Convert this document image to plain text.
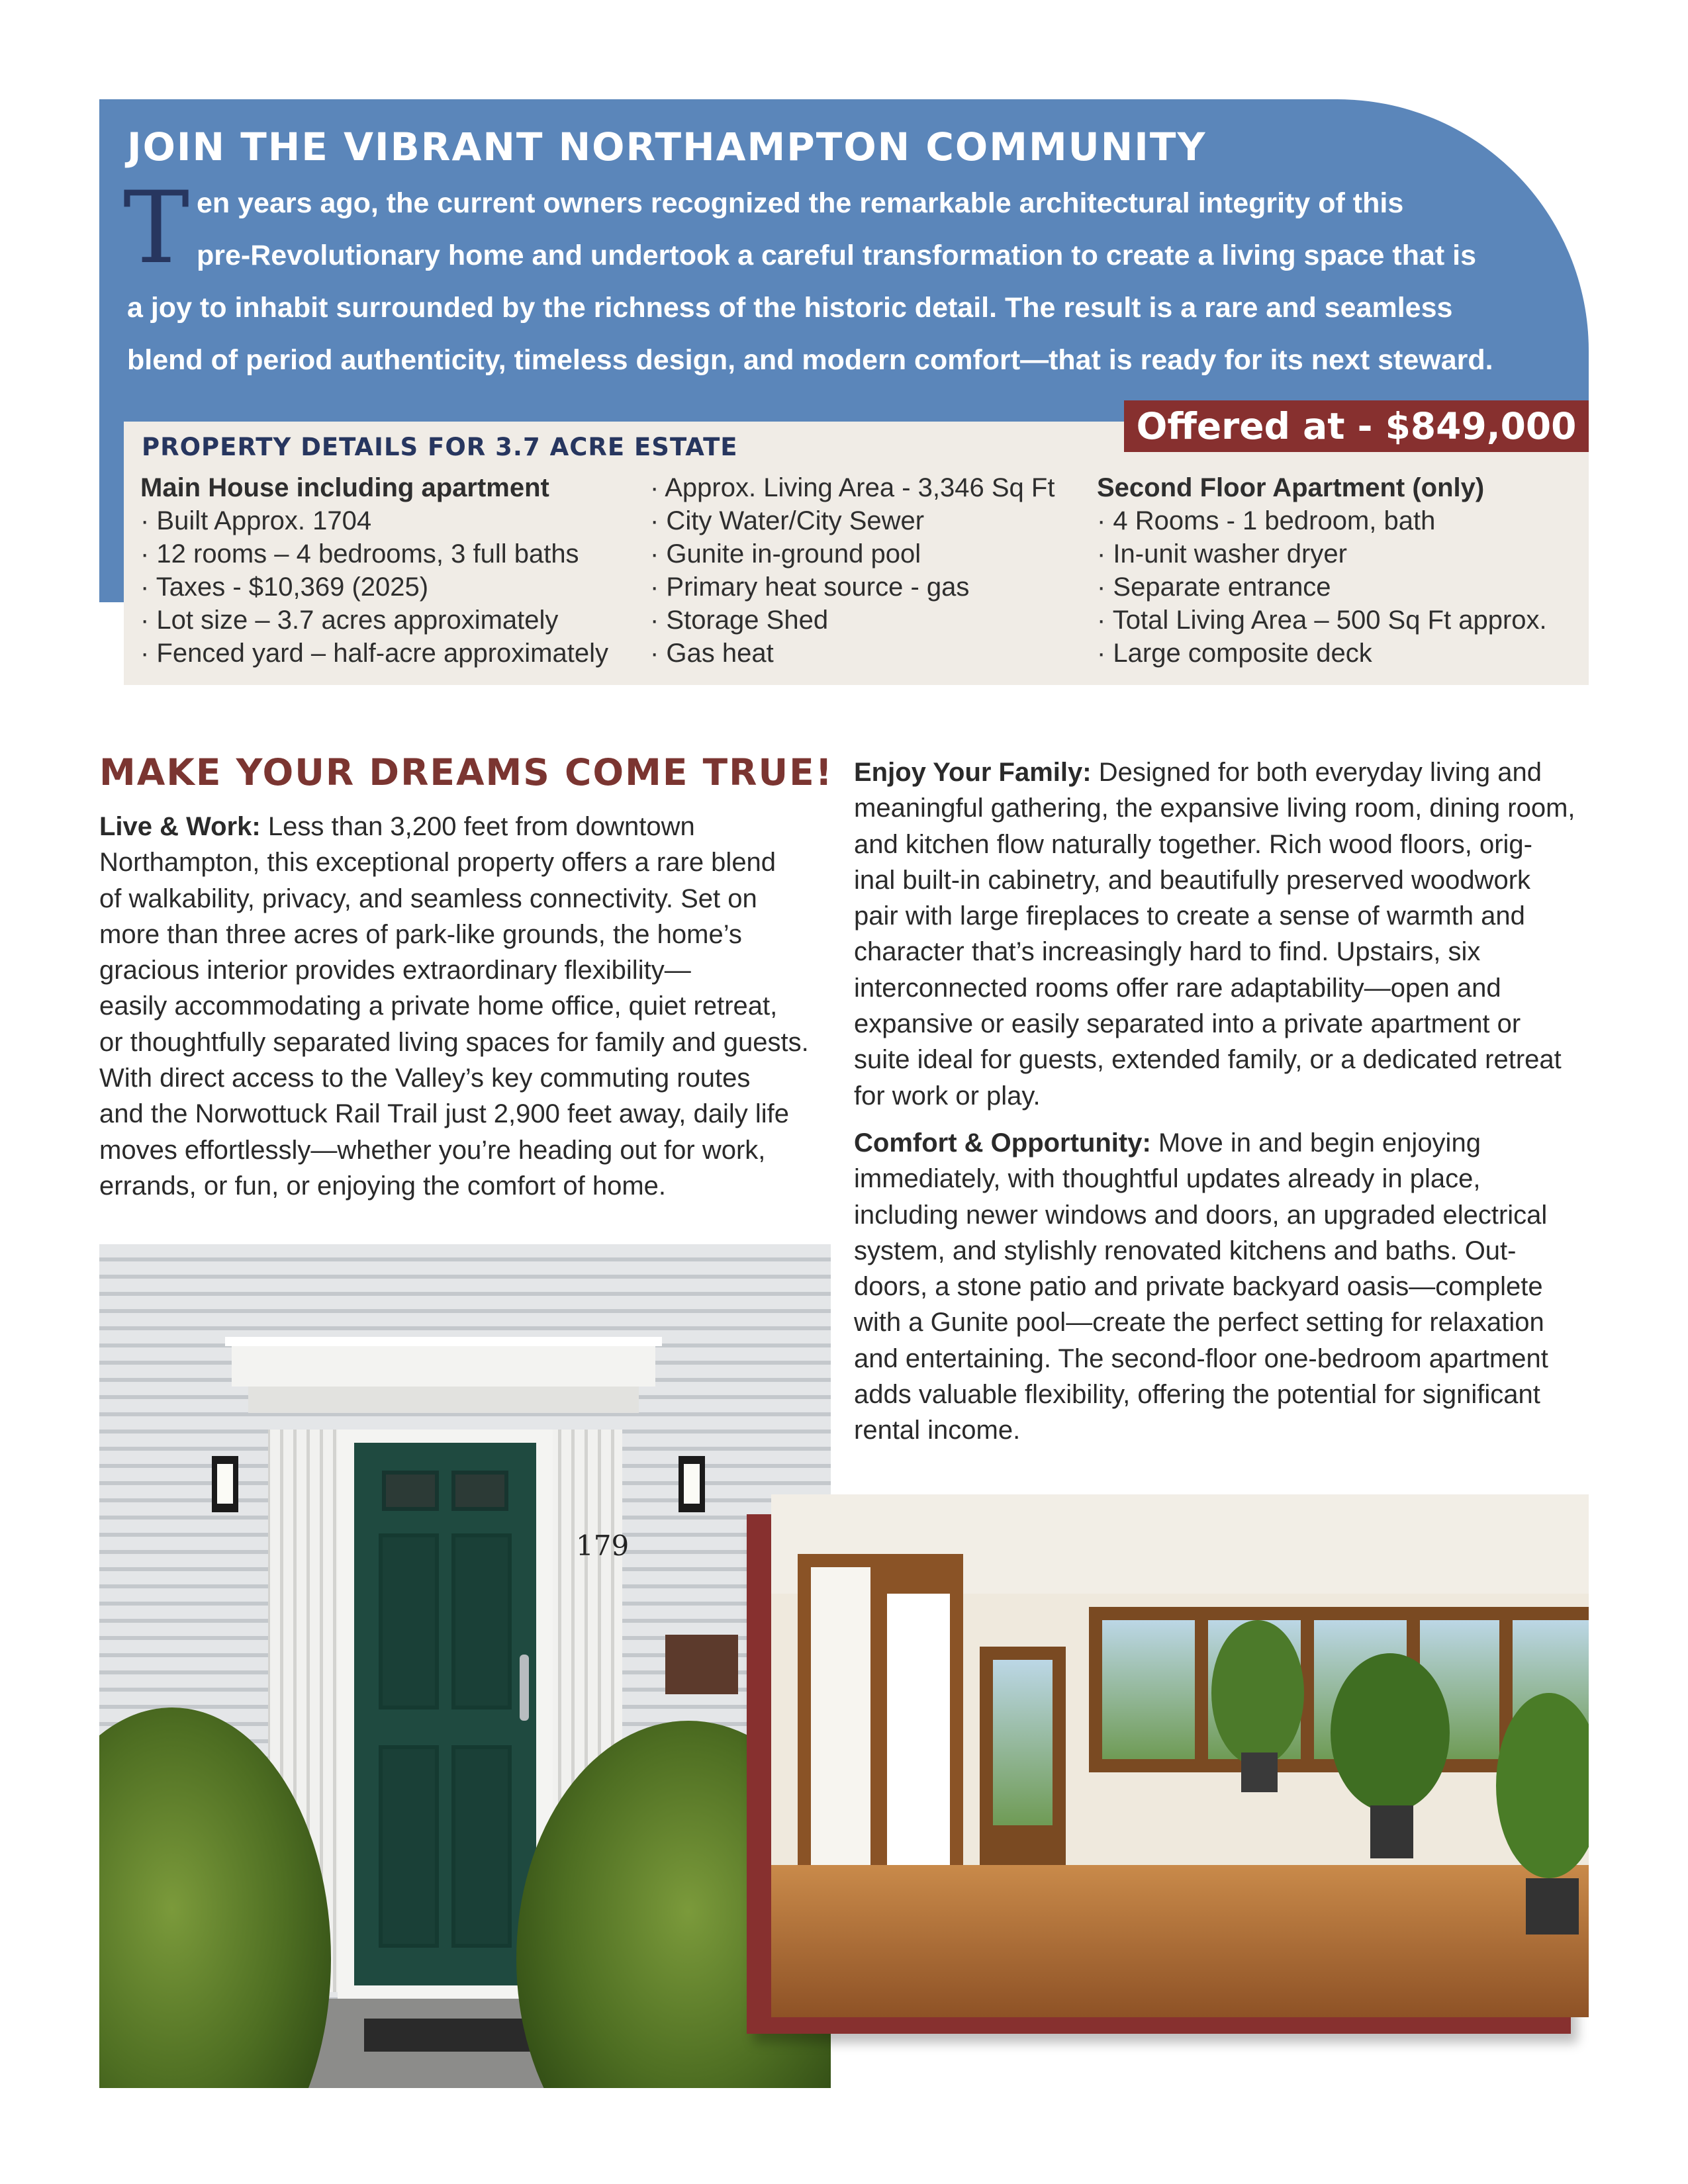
JOIN THE VIBRANT NORTHAMPTON COMMUNITY
T en years ago, the current owners recognized the remarkable architectural integrity of this
pre-Revolutionary home and undertook a careful transformation to create a living space that is
a joy to inhabit surrounded by the richness of the historic detail. The result is a rare and seamless
blend of period authenticity, timeless design, and modern comfort—that is ready for its next steward.

Offered at - $849,000
PROPERTY DETAILS FOR 3.7 ACRE ESTATE
Main House including apartment
· Built Approx. 1704
· 12 rooms – 4 bedrooms, 3 full baths
· Taxes - $10,369 (2025)
· Lot size – 3.7 acres approximately
· Fenced yard – half-acre approximately
· Approx. Living Area - 3,346 Sq Ft
· City Water/City Sewer
· Gunite in-ground pool
· Primary heat source - gas
· Storage Shed
· Gas heat
Second Floor Apartment (only)
· 4 Rooms - 1 bedroom, bath
· In-unit washer dryer
· Separate entrance
· Total Living Area – 500 Sq Ft approx.
· Large composite deck
MAKE YOUR DREAMS COME TRUE!

Live & Work: Less than 3,200 feet from downtown
Northampton, this exceptional property offers a rare blend
of walkability, privacy, and seamless connectivity. Set on
more than three acres of park-like grounds, the home’s
gracious interior provides extraordinary flexibility—
easily accommodating a private home office, quiet retreat,
or thoughtfully separated living spaces for family and guests.
With direct access to the Valley’s key commuting routes
and the Norwottuck Rail Trail just 2,900 feet away, daily life
moves effortlessly—whether you’re heading out for work,
errands, or fun, or enjoying the comfort of home.

Enjoy Your Family: Designed for both everyday living and
meaningful gathering, the expansive living room, dining room,
and kitchen flow naturally together. Rich wood floors, orig-
inal built-in cabinetry, and beautifully preserved woodwork
pair with large fireplaces to create a sense of warmth and
character that’s increasingly hard to find. Upstairs, six
interconnected rooms offer rare adaptability—open and
expansive or easily separated into a private apartment or
suite ideal for guests, extended family, or a dedicated retreat
for work or play.

Comfort & Opportunity: Move in and begin enjoying
immediately, with thoughtful updates already in place,
including newer windows and doors, an upgraded electrical
system, and stylishly renovated kitchens and baths. Out-
doors, a stone patio and private backyard oasis—complete
with a Gunite pool—create the perfect setting for relaxation
and entertaining. The second-floor one-bedroom apartment
adds valuable flexibility, offering the potential for significant
rental income.

179
